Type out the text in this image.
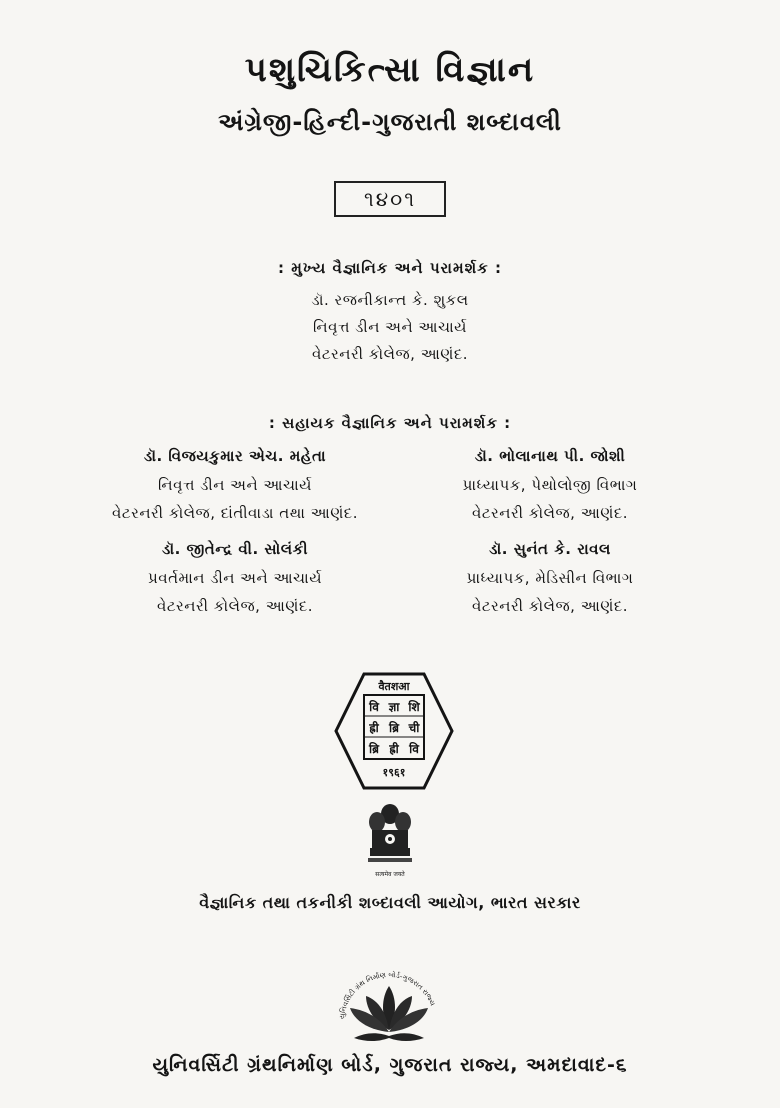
પશુચિકિત્સા વિજ્ઞાન
અંગ્રેજી-હિન્દી-ગુજરાતી શબ્દાવલી
૧૪૦૧
: મુખ્ય વૈજ્ઞાનિક અને પરામર્શક :
ડૉ. રજનીકાન્ત કે. શુકલ
નિવૃત્ત ડીન અને આચાર્ય
વેટરનરી કોલેજ, આણંદ.
: સહાયક વૈજ્ઞાનિક અને પરામર્શક :
ડૉ. વિજયકુમાર એચ. મહેતા
નિવૃત્ત ડીન અને આચાર્ય
વેટરનરી કોલેજ, દાંતીવાડા તથા આણંદ.
ડૉ. ભોલાનાથ પી. જોશી
પ્રાધ્યાપક, પેથોલોજી વિભાગ
વેટરનરી કોલેજ, આણંદ.
ડૉ. જીતેન્દ્ર વી. સોલંકી
પ્રવર્તમાન ડીન અને આચાર્ય
વેટરનરી કોલેજ, આણંદ.
ડૉ. સુનંત કે. રાવલ
પ્રાધ્યાપક, મેડિસીન વિભાગ
વેટરનરી કોલેજ, આણંદ.
वैतशआ
वि ज्ञा शि
ह्री ब्रि ची
ब्रि ह्री वि
१९६१
सत्यमेव जयते
વૈજ્ઞાનિક તથા તકનીકી શબ્દાવલી આયોગ, ભારત સરકાર
યુનિવર્સિટી ગ્રંથ નિર્માણ બોર્ડ-ગુજરાત રાજ્ય
યુનિવર્સિટી ગ્રંથનિર્માણ બોર્ડ, ગુજરાત રાજ્ય, અમદાવાદ-૬
